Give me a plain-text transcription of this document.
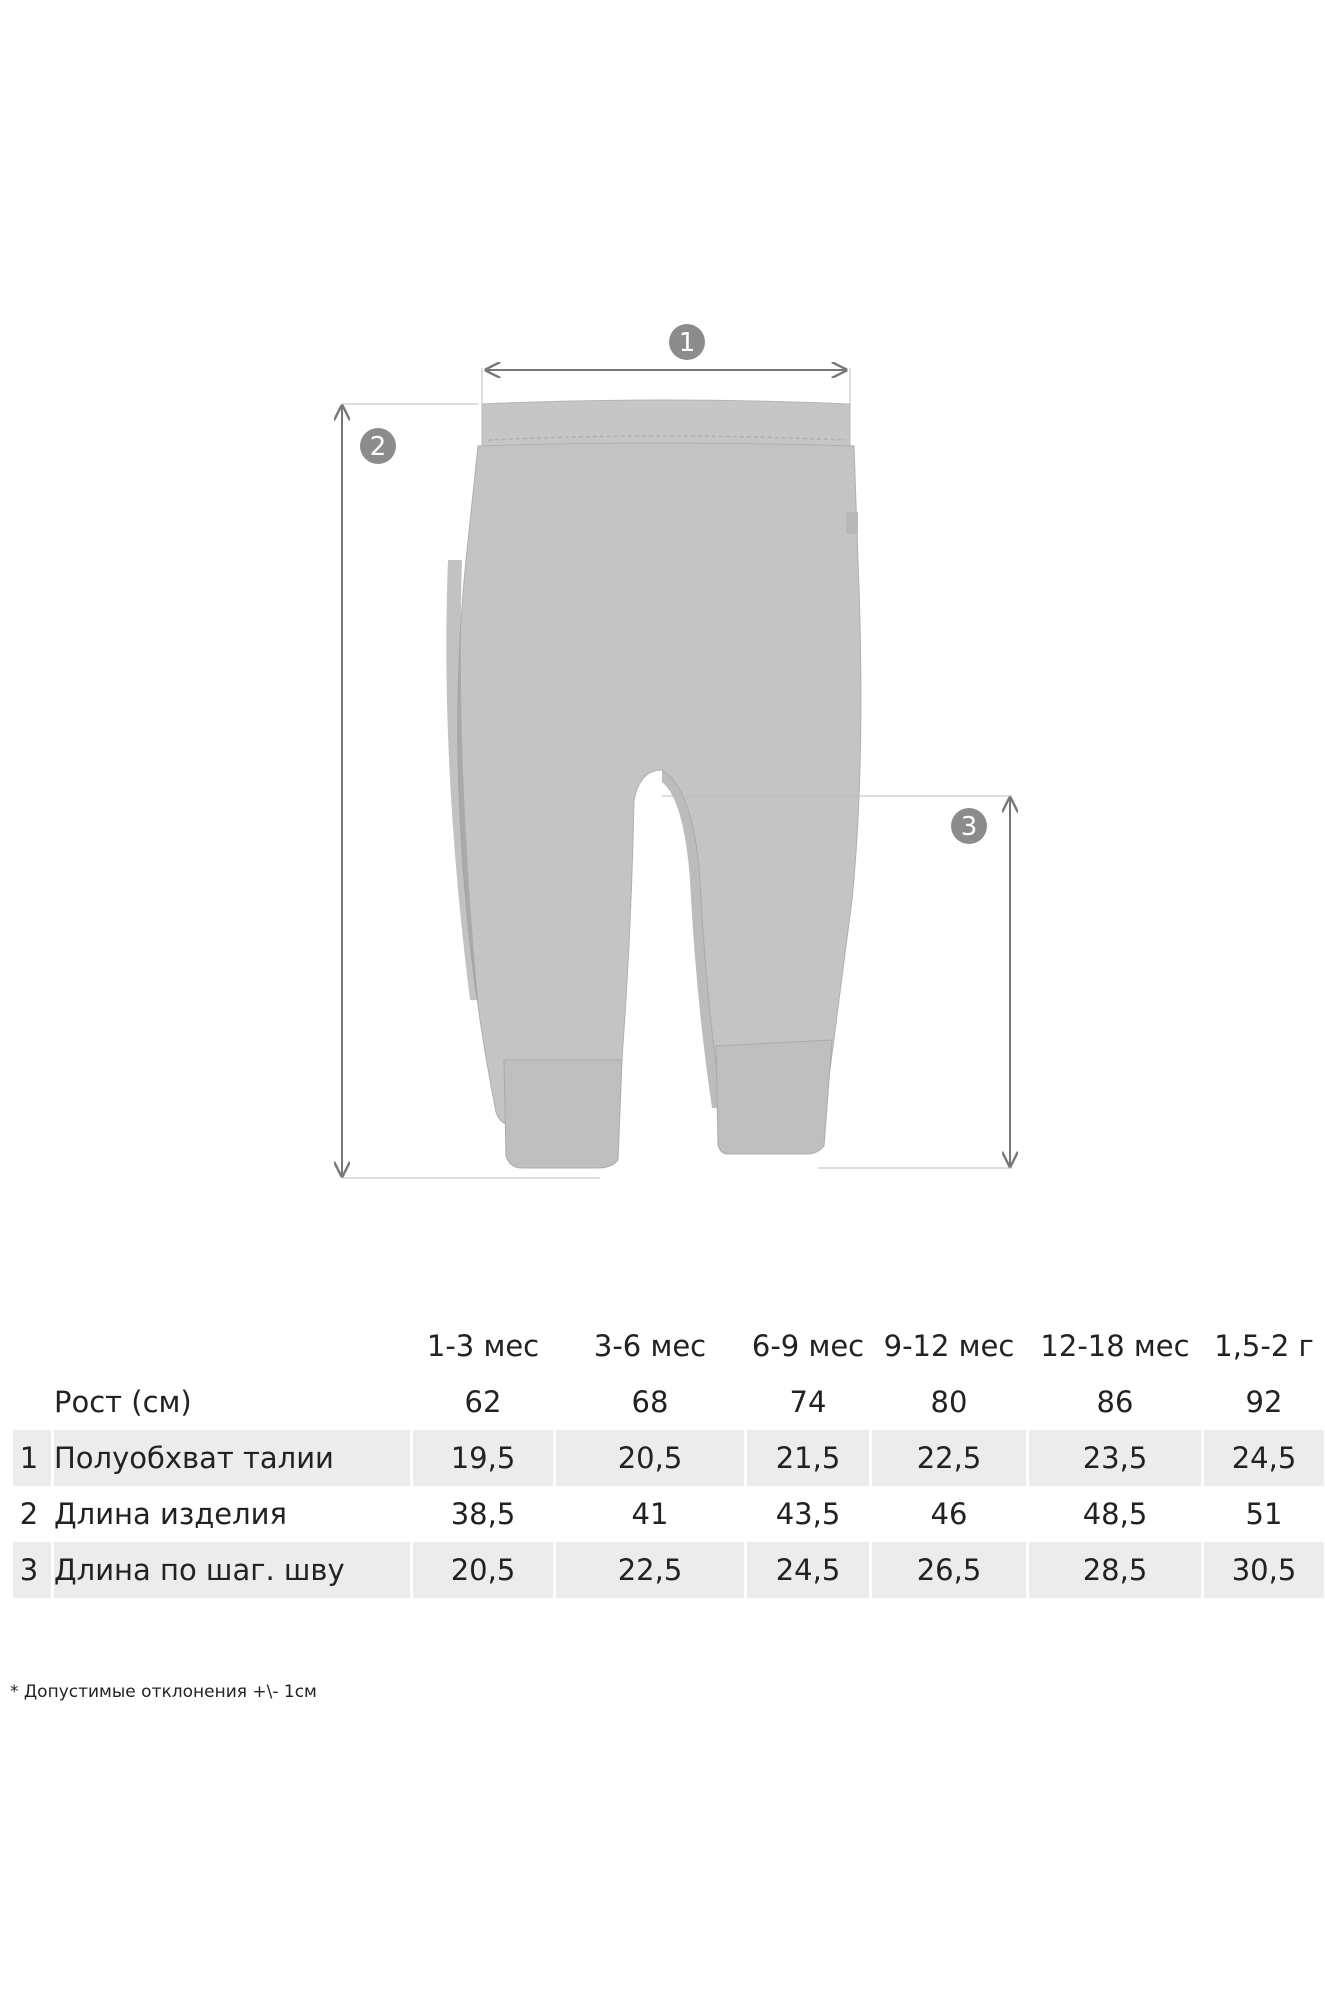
1
2
3
		1-3 мес	3-6 мес	6-9 мес	9-12 мес	12-18 мес	1,5-2 г
	Рост (см)	62	68	74	80	86	92
1	Полуобхват талии	19,5	20,5	21,5	22,5	23,5	24,5
2	Длина изделия	38,5	41	43,5	46	48,5	51
3	Длина по шаг. шву	20,5	22,5	24,5	26,5	28,5	30,5
* Допустимые отклонения +\- 1см
